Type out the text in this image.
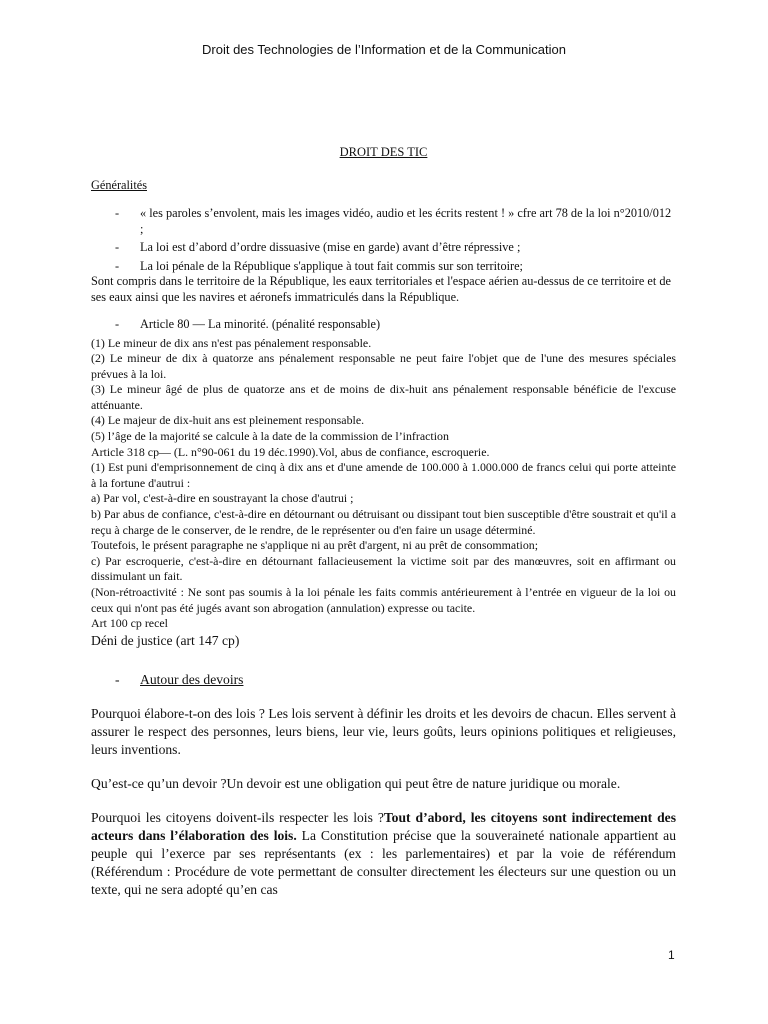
Droit des Technologies de l’Information et de la Communication
DROIT DES TIC
Généralités
- « les paroles s’envolent, mais les images vidéo, audio et les écrits restent ! » cfre art 78 de la loi n°2010/012 ;
- La loi est d’abord d’ordre dissuasive (mise en garde) avant d’être répressive ;
- La loi pénale de la République s'applique à tout fait commis sur son territoire;

Sont compris dans le territoire de la République, les eaux territoriales et l'espace aérien au-dessus de ce territoire et de ses eaux ainsi que les navires et aéronefs immatriculés dans la République.

- Article 80 — La minorité. (pénalité responsable)

(1) Le mineur de dix ans n'est pas pénalement responsable.

(2) Le mineur de dix à quatorze ans pénalement responsable ne peut faire l'objet que de l'une des mesures spéciales prévues à la loi.

(3) Le mineur âgé de plus de quatorze ans et de moins de dix-huit ans pénalement responsable bénéficie de l'excuse atténuante.

(4) Le majeur de dix-huit ans est pleinement responsable.

(5) l’âge de la majorité se calcule à la date de la commission de l’infraction

Article 318 cp— (L. n°90-061 du 19 déc.1990).Vol, abus de confiance, escroquerie.

(1) Est puni d'emprisonnement de cinq à dix ans et d'une amende de 100.000 à 1.000.000 de francs celui qui porte atteinte à la fortune d'autrui :

a) Par vol, c'est-à-dire en soustrayant la chose d'autrui ;

b) Par abus de confiance, c'est-à-dire en détournant ou détruisant ou dissipant tout bien susceptible d'être soustrait et qu'il a reçu à charge de le conserver, de le rendre, de le représenter ou d'en faire un usage déterminé.

Toutefois, le présent paragraphe ne s'applique ni au prêt d'argent, ni au prêt de consommation;

c) Par escroquerie, c'est-à-dire en détournant fallacieusement la victime soit par des manœuvres, soit en affirmant ou dissimulant un fait.

(Non-rétroactivité : Ne sont pas soumis à la loi pénale les faits commis antérieurement à l’entrée en vigueur de la loi ou ceux qui n'ont pas été jugés avant son abrogation (annulation) expresse ou tacite.

Art 100 cp recel

Déni de justice (art 147 cp)

- Autour des devoirs

Pourquoi élabore-t-on des lois ? Les lois servent à définir les droits et les devoirs de chacun. Elles servent à assurer le respect des personnes, leurs biens, leur vie, leurs goûts, leurs opinions politiques et religieuses, leurs inventions.

Qu’est-ce qu’un devoir ?Un devoir est une obligation qui peut être de nature juridique ou morale.

Pourquoi les citoyens doivent-ils respecter les lois ?Tout d’abord, les citoyens sont indirectement des acteurs dans l’élaboration des lois. La Constitution précise que la souveraineté nationale appartient au peuple qui l’exerce par ses représentants (ex : les parlementaires) et par la voie de référendum (Référendum : Procédure de vote permettant de consulter directement les électeurs sur une question ou un texte, qui ne sera adopté qu’en cas

1
